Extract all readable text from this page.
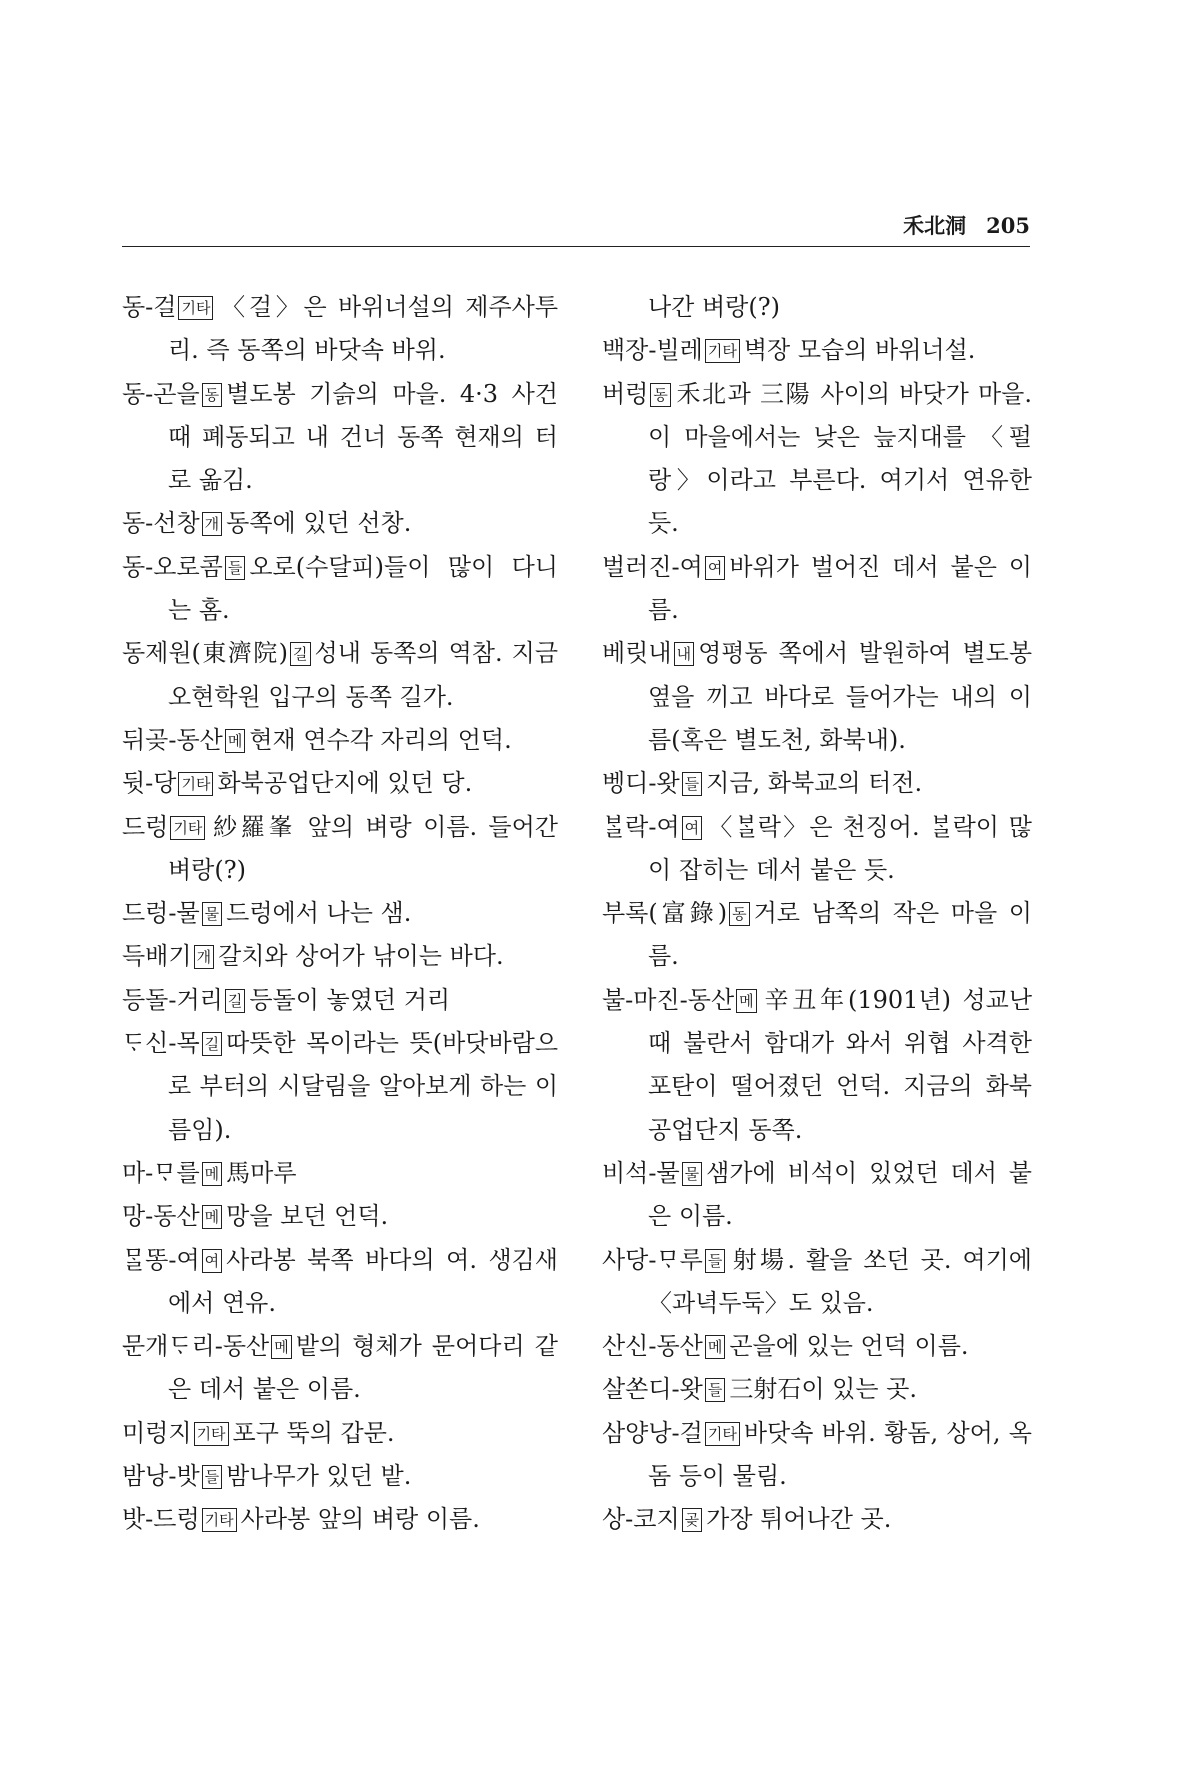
禾北洞 205

동-걸 기타 〈걸〉은 바위너설의 제주사투리. 즉 동쪽의 바닷속 바위.

동-곤을 동 별도봉 기슭의 마을. 4·3 사건 때 폐동되고 내 건너 동쪽 현재의 터로 옮김.

동-선창 개 동쪽에 있던 선창.

동-오로콤 들 오로(수달피)들이 많이 다니는 홈.

동제원(東濟院) 길 성내 동쪽의 역참. 지금 오현학원 입구의 동쪽 길가.

뒤곶-동산 메 현재 연수각 자리의 언덕.

뒷-당 기타 화북공업단지에 있던 당.

드렁 기타 紗羅峯 앞의 벼랑 이름. 들어간 벼랑(?)

드렁-물 물 드렁에서 나는 샘.

득배기 개 갈치와 상어가 낚이는 바다.

등돌-거리 길 등돌이 놓였던 거리

ᄃᆞ신-목 길 따뜻한 목이라는 뜻(바닷바람으로 부터의 시달림을 알아보게 하는 이름임).

마-ᄆᆞ를 메 馬마루

망-동산 메 망을 보던 언덕.

ᄆᆞᆯ똥-여 여 사라봉 북쪽 바다의 여. 생김새에서 연유.

문개ᄃᆞ리-동산 메 밭의 형체가 문어다리 같은 데서 붙은 이름.

미렁지 기타 포구 뚝의 갑문.

밤낭-밧 들 밤나무가 있던 밭.

밧-드렁 기타 사라봉 앞의 벼랑 이름.

나간 벼랑(?)

백장-빌레 기타 벽장 모습의 바위너설.

버렁 동 禾北과 三陽 사이의 바닷가 마을. 이 마을에서는 낮은 늪지대를 〈펄랑〉이라고 부른다. 여기서 연유한 듯.

벌러진-여 여 바위가 벌어진 데서 붙은 이름.

베릿내 내 영평동 쪽에서 발원하여 별도봉 옆을 끼고 바다로 들어가는 내의 이름(혹은 별도천, 화북내).

벵디-왓 들 지금, 화북교의 터전.

ᄇᆞᆯ락-여 여 〈ᄇᆞᆯ락〉은 천징어. ᄇᆞᆯ락이 많이 잡히는 데서 붙은 듯.

부록(富錄) 동 거로 남쪽의 작은 마을 이름.

불-마진-동산 메 辛丑年(1901년) 성교난 때 불란서 함대가 와서 위협 사격한 포탄이 떨어졌던 언덕. 지금의 화북공업단지 동쪽.

비석-물 물 샘가에 비석이 있었던 데서 붙은 이름.

사당-ᄆᆞ루 들 射場. 활을 쏘던 곳. 여기에 〈과녁두둑〉도 있음.

산신-동산 메 곤을에 있는 언덕 이름.

살쏜디-왓 들 三射石이 있는 곳.

삼양낭-걸 기타 바닷속 바위. 황돔, 상어, 옥돔 등이 물림.

상-코지 곶 가장 튀어나간 곳.
